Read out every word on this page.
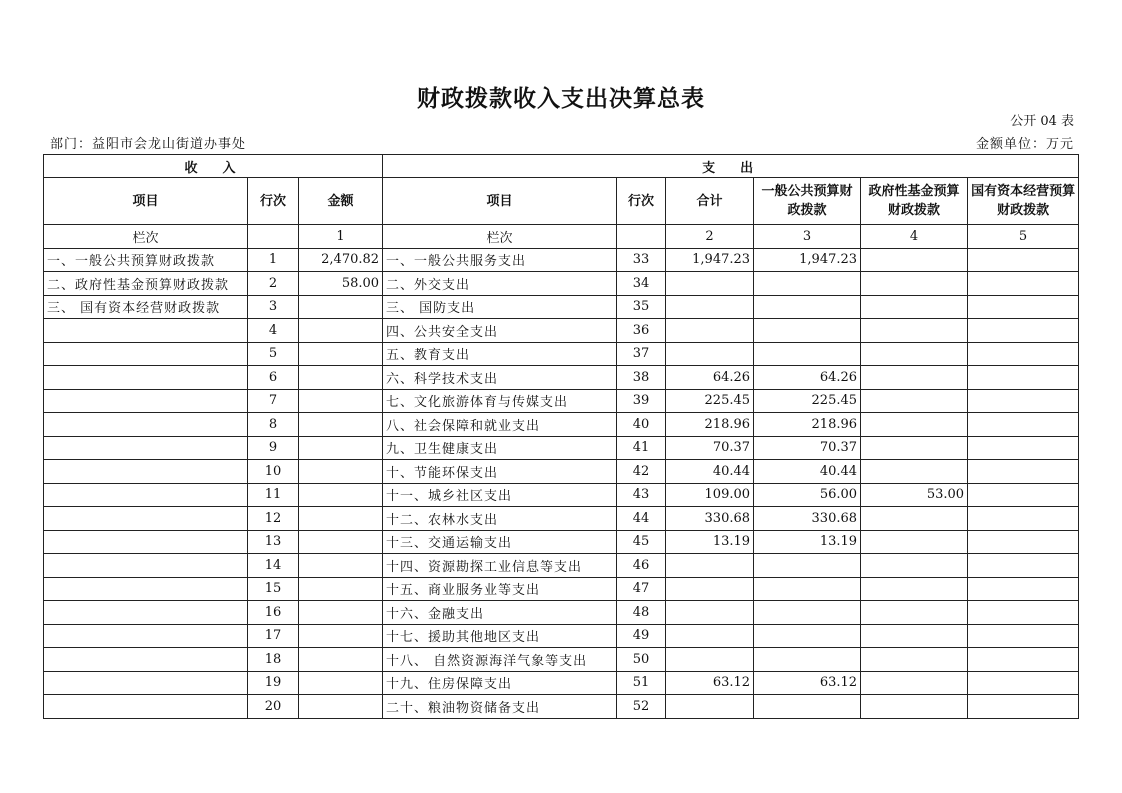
财政拨款收入支出决算总表
公开 04 表
部门：益阳市会龙山街道办事处	金额单位：万元
收　入			支　出					
项目	行次	金额	项目	行次	合计	一般公共预算财政拨款	政府性基金预算财政拨款	国有资本经营预算财政拨款
栏次		1	栏次		2	3	4	5
一、一般公共预算财政拨款	1	2,470.82	一、一般公共服务支出	33	1,947.23	1,947.23		
二、政府性基金预算财政拨款	2	58.00	二、外交支出	34				
三、 国有资本经营财政拨款	3		三、 国防支出	35				
	4		四、公共安全支出	36				
	5		五、教育支出	37				
	6		六、科学技术支出	38	64.26	64.26		
	7		七、文化旅游体育与传媒支出	39	225.45	225.45		
	8		八、社会保障和就业支出	40	218.96	218.96		
	9		九、卫生健康支出	41	70.37	70.37		
	10		十、节能环保支出	42	40.44	40.44		
	11		十一、城乡社区支出	43	109.00	56.00	53.00	
	12		十二、农林水支出	44	330.68	330.68		
	13		十三、交通运输支出	45	13.19	13.19		
	14		十四、资源勘探工业信息等支出	46				
	15		十五、商业服务业等支出	47				
	16		十六、金融支出	48				
	17		十七、援助其他地区支出	49				
	18		十八、 自然资源海洋气象等支出	50				
	19		十九、住房保障支出	51	63.12	63.12		
	20		二十、粮油物资储备支出	52				
